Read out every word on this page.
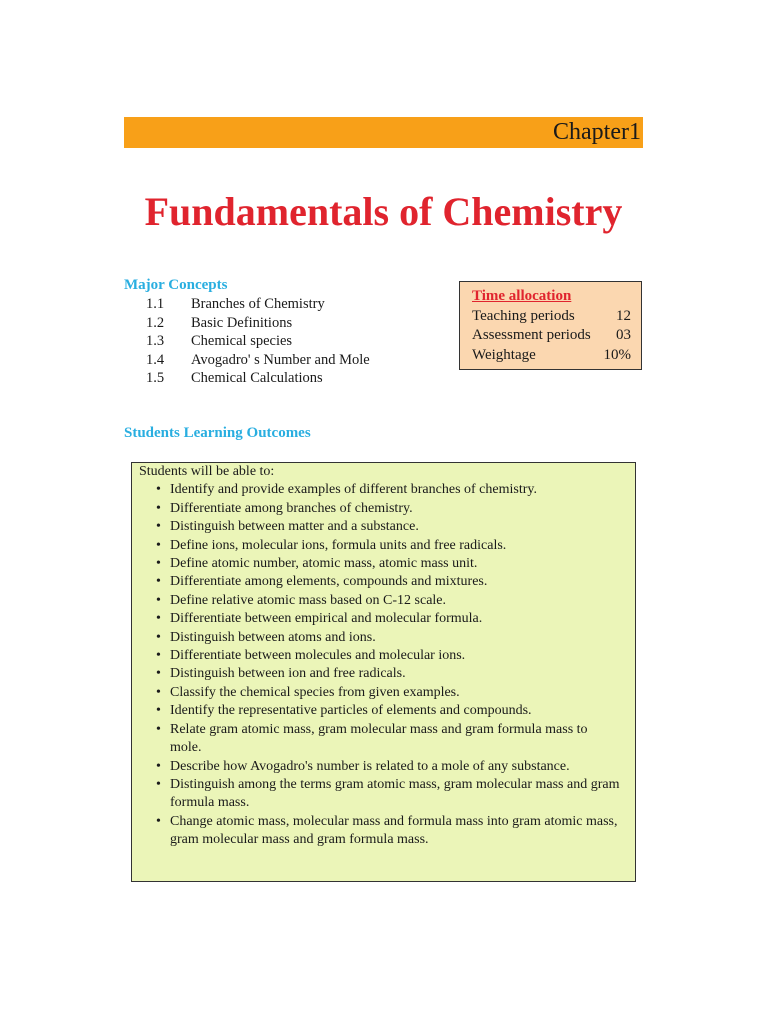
Chapter1
Fundamentals of Chemistry
Major Concepts
1.1	Branches of Chemistry
1.2	Basic Definitions
1.3	Chemical species
1.4	Avogadro' s Number and Mole
1.5	Chemical Calculations
Time allocation
Teaching periods	12
Assessment periods 03
Weightage	10%
Students Learning Outcomes

Students will be able to:

• Identify and provide examples of different branches of chemistry.
• Differentiate among branches of chemistry.
• Distinguish between matter and a substance.
• Define ions, molecular ions, formula units and free radicals.
• Define atomic number, atomic mass, atomic mass unit.
• Differentiate among elements, compounds and mixtures.
• Define relative atomic mass based on C-12 scale.
• Differentiate between empirical and molecular formula.
• Distinguish between atoms and ions.
• Differentiate between molecules and molecular ions.
• Distinguish between ion and free radicals.
• Classify the chemical species from given examples.
• Identify the representative particles of elements and compounds.
• Relate gram atomic mass, gram molecular mass and gram formula mass to mole.
• Describe how Avogadro's number is related to a mole of any substance.
• Distinguish among the terms gram atomic mass, gram molecular mass and gram formula mass.
• Change atomic mass, molecular mass and formula mass into gram atomic mass, gram molecular mass and gram formula mass.
